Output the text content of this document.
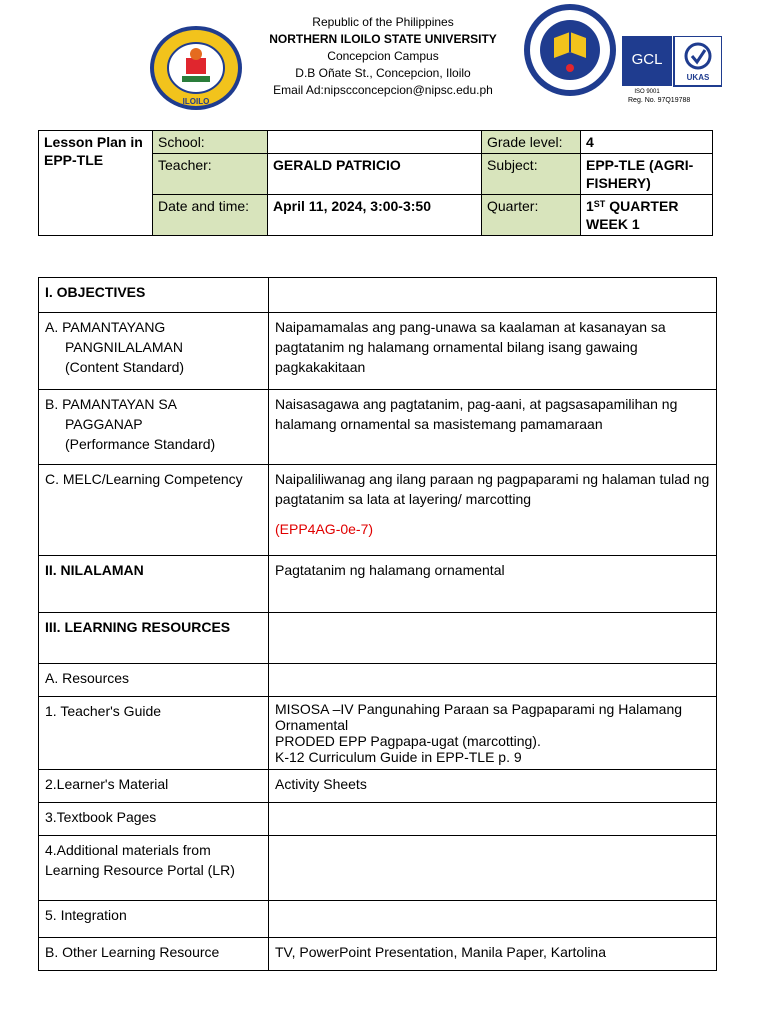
ILOILO
Republic of the Philippines
NORTHERN ILOILO STATE UNIVERSITY
Concepcion Campus
D.B Oñate St., Concepcion, Iloilo
Email Ad:nipscconcepcion@nipsc.edu.ph
GCL
UKAS
ISO 9001
Reg. No. 97Q19788
Lesson Plan in EPP-TLE	School:		Grade level:	4
	Teacher:	GERALD PATRICIO	Subject:	EPP-TLE (AGRI-FISHERY)
	Date and time:	April 11, 2024, 3:00-3:50	Quarter:	1ST QUARTER WEEK 1
I. OBJECTIVES	
A. PAMANTAYANG
PANGNILALAMAN
(Content Standard)	Naipamamalas ang pang-unawa sa kaalaman at kasanayan sa pagtatanim ng halamang ornamental bilang isang gawaing pagkakakitaan
B. PAMANTAYAN SA
PAGGANAP
(Performance Standard)	Naisasagawa ang pagtatanim, pag-aani, at pagsasapamilihan ng halamang ornamental sa masistemang pamamaraan
C. MELC/Learning Competency	Naipaliliwanag ang ilang paraan ng pagpaparami ng halaman tulad ng pagtatanim sa lata at layering/ marcotting
(EPP4AG-0e-7)

II. NILALAMAN	Pagtatanim ng halamang ornamental
III. LEARNING RESOURCES	
A. Resources	
1. Teacher's Guide	MISOSA –IV Pangunahing Paraan sa Pagpaparami ng Halamang Ornamental
PRODED EPP Pagpapa-ugat (marcotting).
K-12 Curriculum Guide in EPP-TLE p. 9

2.Learner's Material	Activity Sheets
3.Textbook Pages	
4.Additional materials from Learning Resource Portal (LR)	
5. Integration	
B. Other Learning Resource	TV, PowerPoint Presentation, Manila Paper, Kartolina
